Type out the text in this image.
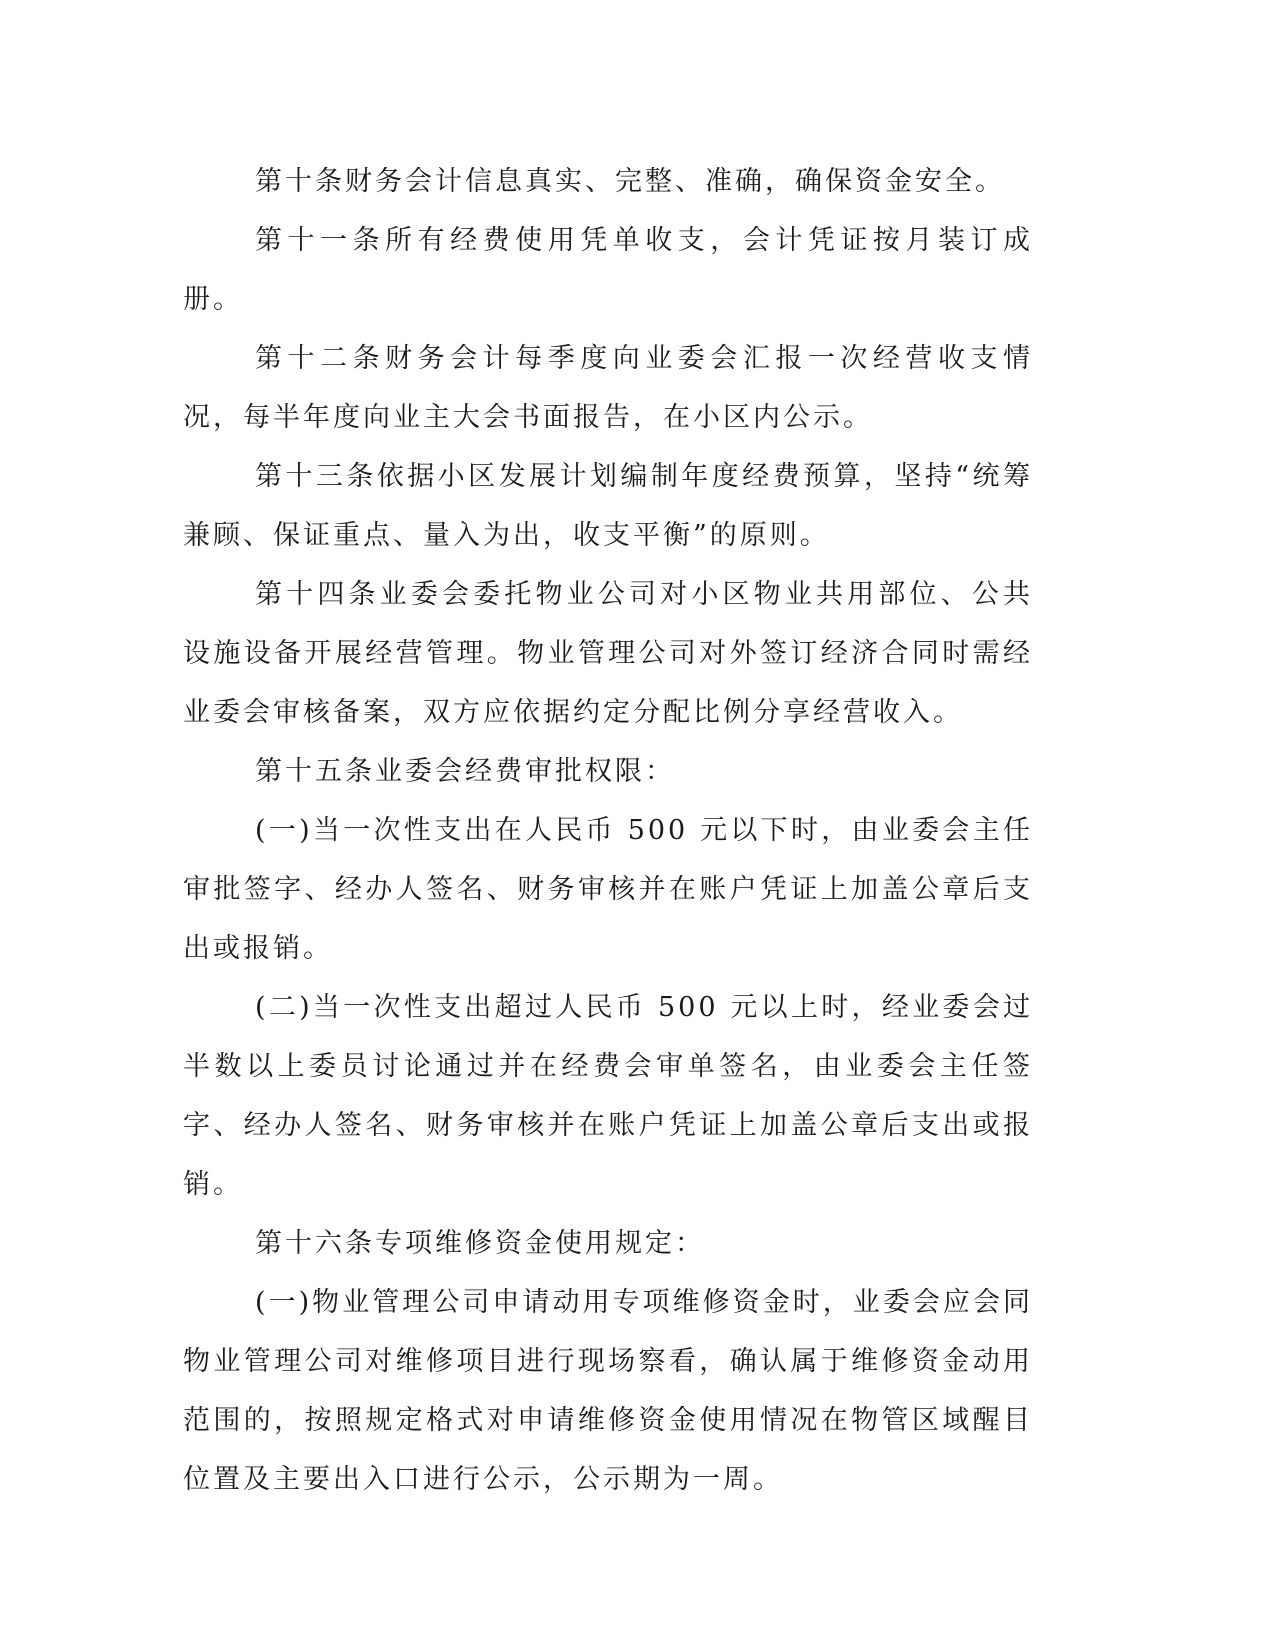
第十条财务会计信息真实、完整、准确，确保资金安全。

第十一条所有经费使用凭单收支，会计凭证按月装订成册。

第十二条财务会计每季度向业委会汇报一次经营收支情况，每半年度向业主大会书面报告，在小区内公示。

第十三条依据小区发展计划编制年度经费预算，坚持“统筹兼顾、保证重点、量入为出，收支平衡”的原则。

第十四条业委会委托物业公司对小区物业共用部位、公共设施设备开展经营管理。物业管理公司对外签订经济合同时需经业委会审核备案，双方应依据约定分配比例分享经营收入。

第十五条业委会经费审批权限：

(一)当一次性支出在人民币 500 元以下时，由业委会主任审批签字、经办人签名、财务审核并在账户凭证上加盖公章后支出或报销。

(二)当一次性支出超过人民币 500 元以上时，经业委会过半数以上委员讨论通过并在经费会审单签名，由业委会主任签字、经办人签名、财务审核并在账户凭证上加盖公章后支出或报销。

第十六条专项维修资金使用规定：

(一)物业管理公司申请动用专项维修资金时，业委会应会同物业管理公司对维修项目进行现场察看，确认属于维修资金动用范围的，按照规定格式对申请维修资金使用情况在物管区域醒目位置及主要出入口进行公示，公示期为一周。
